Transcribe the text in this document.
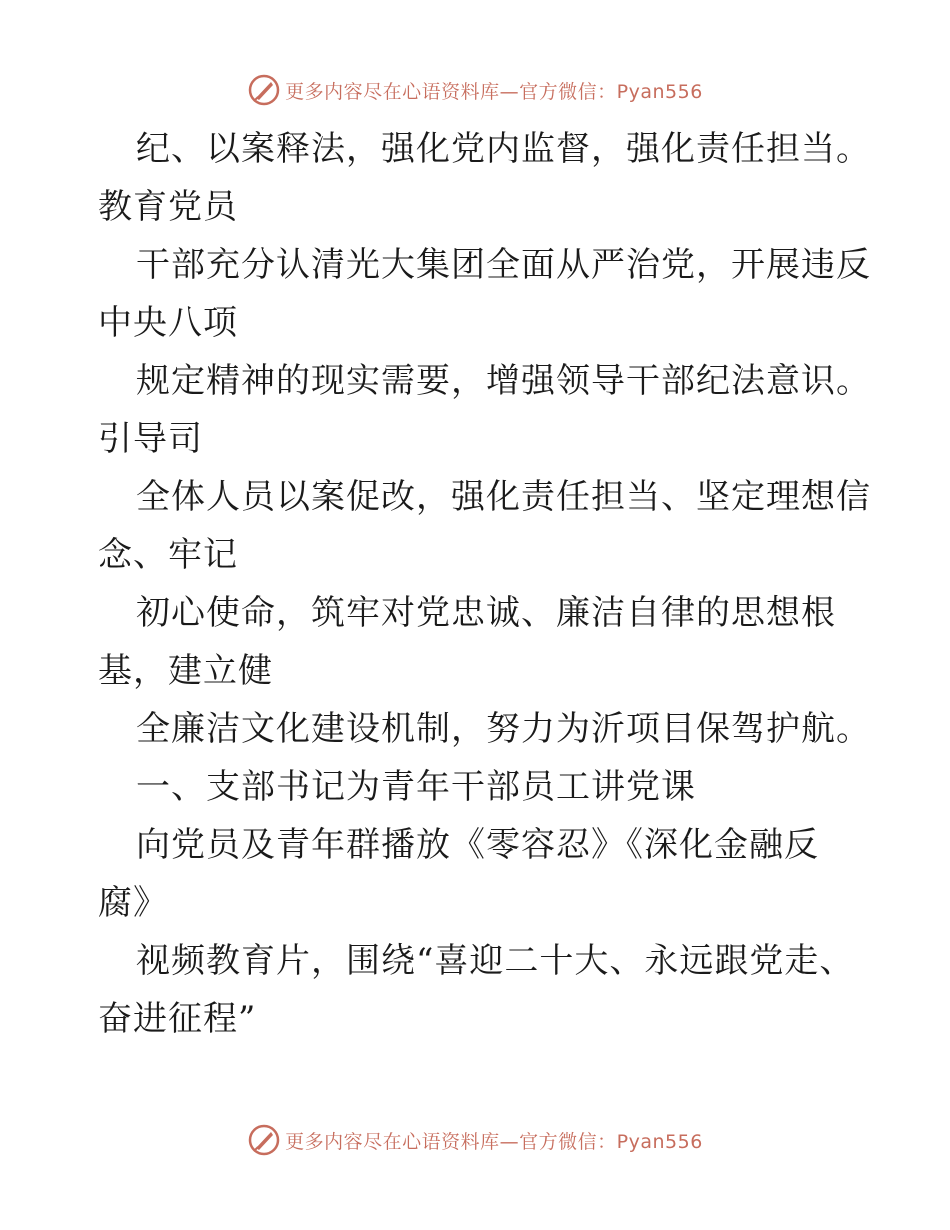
更多内容尽在心语资料库—官方微信：Pyan556
纪、以案释法，强化党内监督，强化责任担当。
教育党员
干部充分认清光大集团全面从严治党，开展违反
中央八项
规定精神的现实需要，增强领导干部纪法意识。
引导司
全体人员以案促改，强化责任担当、坚定理想信
念、牢记
初心使命，筑牢对党忠诚、廉洁自律的思想根
基，建立健
全廉洁文化建设机制，努力为沂项目保驾护航。
一、支部书记为青年干部员工讲党课
向党员及青年群播放《零容忍》《深化金融反
腐》
视频教育片，围绕“喜迎二十大、永远跟党走、
奋进征程”
更多内容尽在心语资料库—官方微信：Pyan556
